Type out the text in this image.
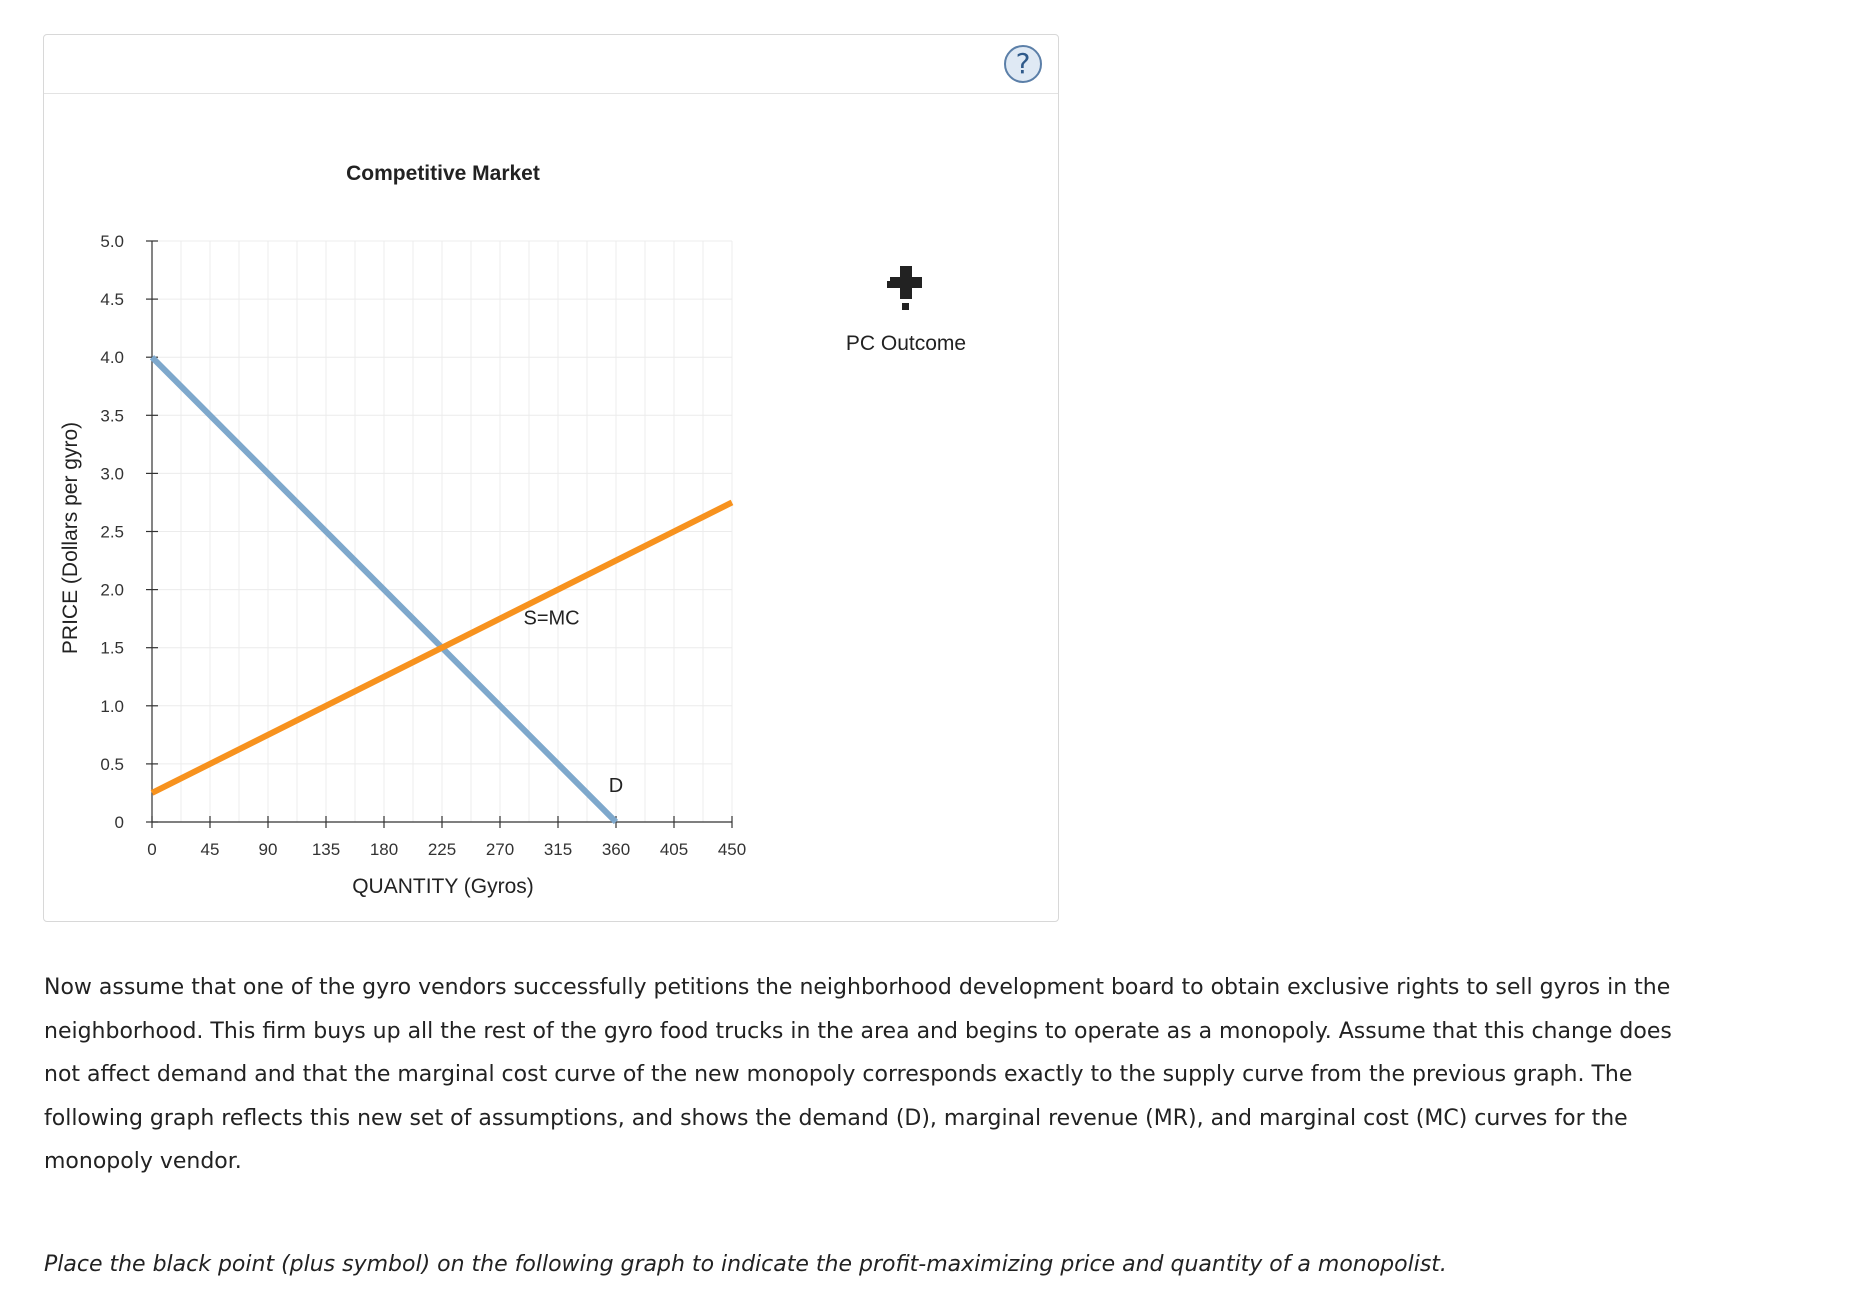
?
0	45 90 135 180 225 270 315 360 405 450
0
0.5
1.0
1.5
2.0
2.5
3.0
3.5
4.0
4.5
5.0
D
S=MC
Competitive Market
QUANTITY (Gyros)
PRICE (Dollars per gyro)
PC Outcome

Now assume that one of the gyro vendors successfully petitions the neighborhood development board to obtain exclusive rights to sell gyros in the neighborhood. This firm buys up all the rest of the gyro food trucks in the area and begins to operate as a monopoly. Assume that this change does not affect demand and that the marginal cost curve of the new monopoly corresponds exactly to the supply curve from the previous graph. The following graph reflects this new set of assumptions, and shows the demand (D), marginal revenue (MR), and marginal cost (MC) curves for the monopoly vendor.

Place the black point (plus symbol) on the following graph to indicate the profit-maximizing price and quantity of a monopolist.
